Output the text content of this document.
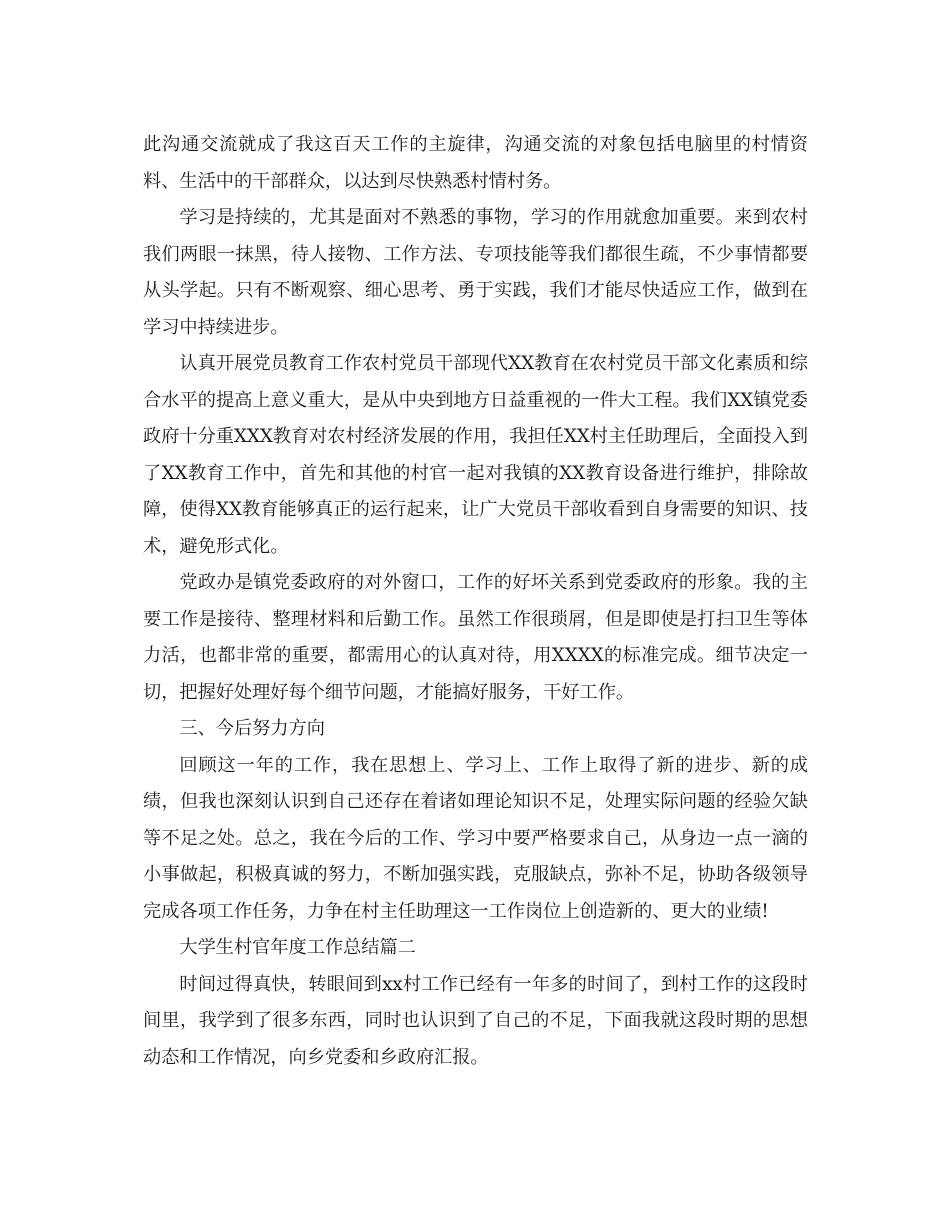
此沟通交流就成了我这百天工作的主旋律，沟通交流的对象包括电脑里的村情资料、生活中的干部群众，以达到尽快熟悉村情村务。

学习是持续的，尤其是面对不熟悉的事物，学习的作用就愈加重要。来到农村我们两眼一抹黑，待人接物、工作方法、专项技能等我们都很生疏，不少事情都要从头学起。只有不断观察、细心思考、勇于实践，我们才能尽快适应工作，做到在学习中持续进步。

认真开展党员教育工作农村党员干部现代XX教育在农村党员干部文化素质和综合水平的提高上意义重大，是从中央到地方日益重视的一件大工程。我们XX镇党委政府十分重XXX教育对农村经济发展的作用，我担任XX村主任助理后，全面投入到了XX教育工作中，首先和其他的村官一起对我镇的XX教育设备进行维护，排除故障，使得XX教育能够真正的运行起来，让广大党员干部收看到自身需要的知识、技术，避免形式化。

党政办是镇党委政府的对外窗口，工作的好坏关系到党委政府的形象。我的主要工作是接待、整理材料和后勤工作。虽然工作很琐屑，但是即使是打扫卫生等体力活，也都非常的重要，都需用心的认真对待，用XXXX的标准完成。细节决定一切，把握好处理好每个细节问题，才能搞好服务，干好工作。

三、今后努力方向

回顾这一年的工作，我在思想上、学习上、工作上取得了新的进步、新的成绩，但我也深刻认识到自己还存在着诸如理论知识不足，处理实际问题的经验欠缺等不足之处。总之，我在今后的工作、学习中要严格要求自己，从身边一点一滴的小事做起，积极真诚的努力，不断加强实践，克服缺点，弥补不足，协助各级领导完成各项工作任务，力争在村主任助理这一工作岗位上创造新的、更大的业绩!

大学生村官年度工作总结篇二

时间过得真快，转眼间到xx村工作已经有一年多的时间了，到村工作的这段时间里，我学到了很多东西，同时也认识到了自己的不足，下面我就这段时期的思想动态和工作情况，向乡党委和乡政府汇报。
